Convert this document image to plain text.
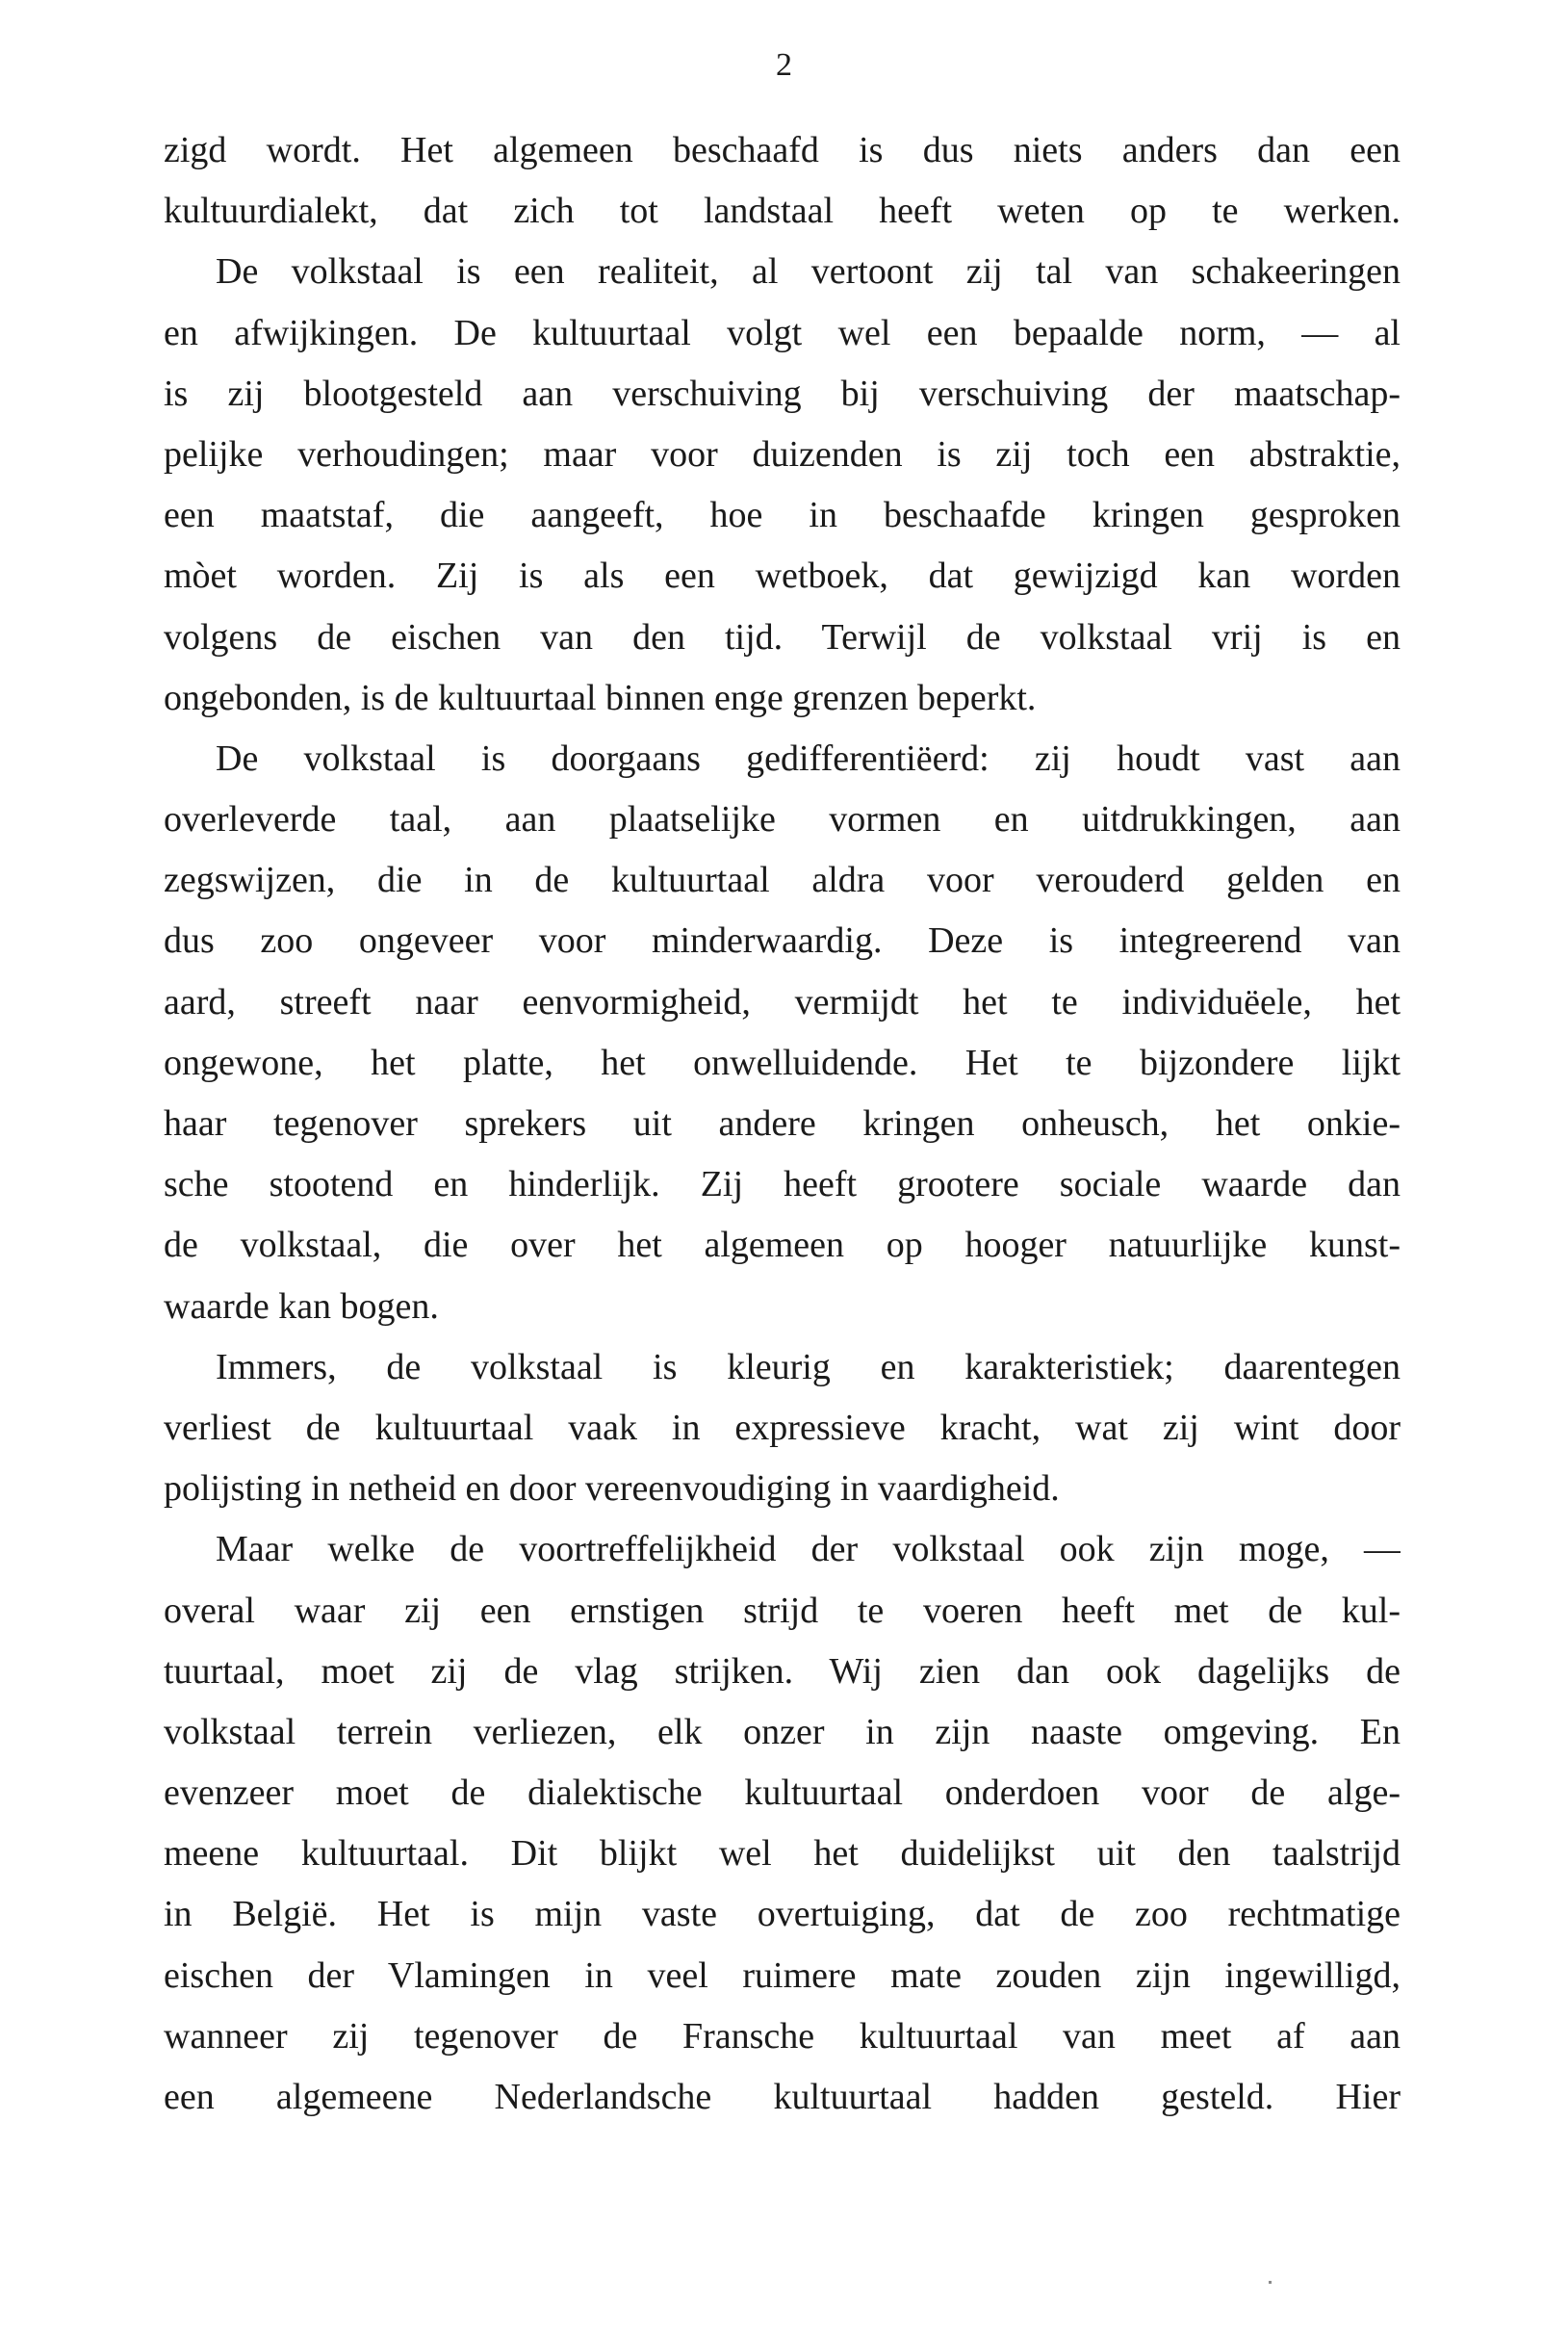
2
zigd wordt. Het algemeen beschaafd is dus niets anders dan een
kultuurdialekt, dat zich tot landstaal heeft weten op te werken.
De volkstaal is een realiteit, al vertoont zij tal van schakeeringen
en afwijkingen. De kultuurtaal volgt wel een bepaalde norm, — al
is zij blootgesteld aan verschuiving bij verschuiving der maatschap-
pelijke verhoudingen; maar voor duizenden is zij toch een abstraktie,
een maatstaf, die aangeeft, hoe in beschaafde kringen gesproken
mòet worden. Zij is als een wetboek, dat gewijzigd kan worden
volgens de eischen van den tijd. Terwijl de volkstaal vrij is en
ongebonden, is de kultuurtaal binnen enge grenzen beperkt.
De volkstaal is doorgaans gedifferentiëerd: zij houdt vast aan
overleverde taal, aan plaatselijke vormen en uitdrukkingen, aan
zegswijzen, die in de kultuurtaal aldra voor verouderd gelden en
dus zoo ongeveer voor minderwaardig. Deze is integreerend van
aard, streeft naar eenvormigheid, vermijdt het te individuëele, het
ongewone, het platte, het onwelluidende. Het te bijzondere lijkt
haar tegenover sprekers uit andere kringen onheusch, het onkie-
sche stootend en hinderlijk. Zij heeft grootere sociale waarde dan
de volkstaal, die over het algemeen op hooger natuurlijke kunst-
waarde kan bogen.
Immers, de volkstaal is kleurig en karakteristiek; daarentegen
verliest de kultuurtaal vaak in expressieve kracht, wat zij wint door
polijsting in netheid en door vereenvoudiging in vaardigheid.
Maar welke de voortreffelijkheid der volkstaal ook zijn moge, —
overal waar zij een ernstigen strijd te voeren heeft met de kul-
tuurtaal, moet zij de vlag strijken. Wij zien dan ook dagelijks de
volkstaal terrein verliezen, elk onzer in zijn naaste omgeving. En
evenzeer moet de dialektische kultuurtaal onderdoen voor de alge-
meene kultuurtaal. Dit blijkt wel het duidelijkst uit den taalstrijd
in België. Het is mijn vaste overtuiging, dat de zoo rechtmatige
eischen der Vlamingen in veel ruimere mate zouden zijn ingewilligd,
wanneer zij tegenover de Fransche kultuurtaal van meet af aan
een algemeene Nederlandsche kultuurtaal hadden gesteld. Hier
